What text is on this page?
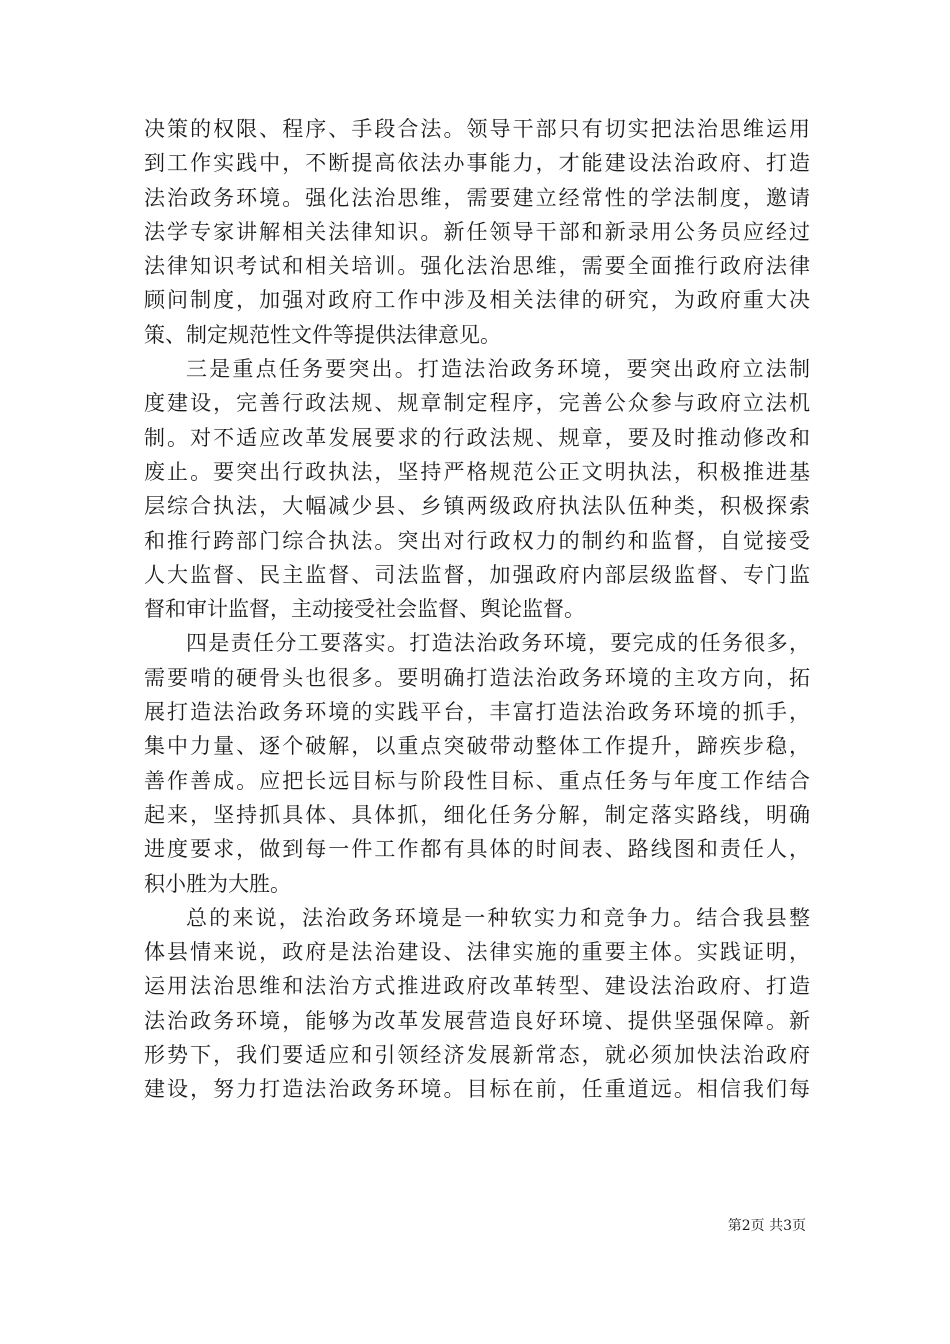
决策的权限、程序、手段合法。领导干部只有切实把法治思维运用
到工作实践中，不断提高依法办事能力，才能建设法治政府、打造
法治政务环境。强化法治思维，需要建立经常性的学法制度，邀请
法学专家讲解相关法律知识。新任领导干部和新录用公务员应经过
法律知识考试和相关培训。强化法治思维，需要全面推行政府法律
顾问制度，加强对政府工作中涉及相关法律的研究，为政府重大决
策、制定规范性文件等提供法律意见。
三是重点任务要突出。打造法治政务环境，要突出政府立法制
度建设，完善行政法规、规章制定程序，完善公众参与政府立法机
制。对不适应改革发展要求的行政法规、规章，要及时推动修改和
废止。要突出行政执法，坚持严格规范公正文明执法，积极推进基
层综合执法，大幅减少县、乡镇两级政府执法队伍种类，积极探索
和推行跨部门综合执法。突出对行政权力的制约和监督，自觉接受
人大监督、民主监督、司法监督，加强政府内部层级监督、专门监
督和审计监督，主动接受社会监督、舆论监督。
四是责任分工要落实。打造法治政务环境，要完成的任务很多，
需要啃的硬骨头也很多。要明确打造法治政务环境的主攻方向，拓
展打造法治政务环境的实践平台，丰富打造法治政务环境的抓手，
集中力量、逐个破解，以重点突破带动整体工作提升，蹄疾步稳，
善作善成。应把长远目标与阶段性目标、重点任务与年度工作结合
起来，坚持抓具体、具体抓，细化任务分解，制定落实路线，明确
进度要求，做到每一件工作都有具体的时间表、路线图和责任人，
积小胜为大胜。
总的来说，法治政务环境是一种软实力和竞争力。结合我县整
体县情来说，政府是法治建设、法律实施的重要主体。实践证明，
运用法治思维和法治方式推进政府改革转型、建设法治政府、打造
法治政务环境，能够为改革发展营造良好环境、提供坚强保障。新
形势下，我们要适应和引领经济发展新常态，就必须加快法治政府
建设，努力打造法治政务环境。目标在前，任重道远。相信我们每
第2页 共3页
